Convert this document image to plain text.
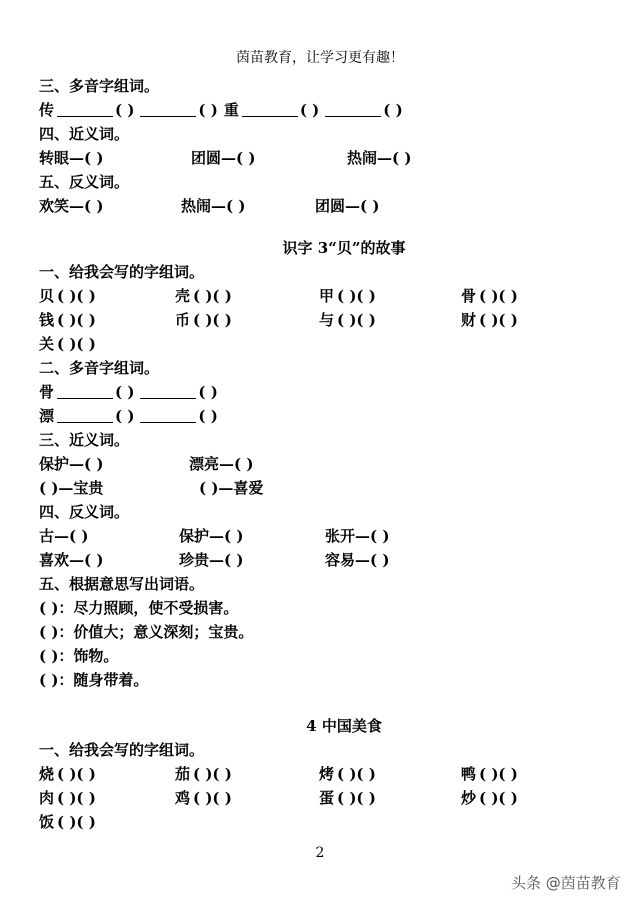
茵苗教育，让学习更有趣！
三、多音字组词。
传	( )	( ) 重	( )	( )
四、近义词。
转眼—( )	团圆—( )	热闹—( )
五、反义词。
欢笑—( )	热闹—( )	团圆—( )
识字 3“贝”的故事
一、给我会写的字组词。
贝 ( )( )	壳 ( )( )	甲 ( )( )	骨 ( )( )
钱 ( )( )	币 ( )( )	与 ( )( )	财 ( )( )
关 ( )( )
二、多音字组词。
骨	( )	( )
漂	( )	( )
三、近义词。
保护—( )	漂亮—( )
( )—宝贵	( )—喜爱
四、反义词。
古—( )	保护—( )	张开—( )
喜欢—( )	珍贵—( )	容易—( )
五、根据意思写出词语。
( )：尽力照顾，使不受损害。
( )：价值大；意义深刻；宝贵。
( )：饰物。
( )：随身带着。
4 中国美食
一、给我会写的字组词。
烧 ( )( )	茄 ( )( )	烤 ( )( )	鸭 ( )( )
肉 ( )( )	鸡 ( )( )	蛋 ( )( )	炒 ( )( )
饭 ( )( )
2
头条 @茵苗教育
